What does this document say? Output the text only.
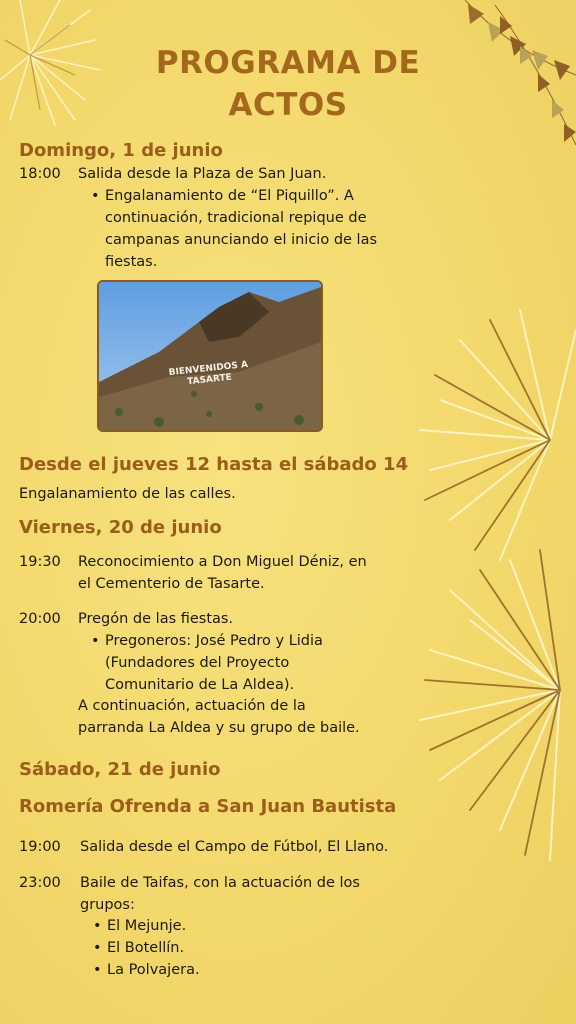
PROGRAMA DE
ACTOS
Domingo, 1 de junio
18:00 Salida desde la Plaza de San Juan.
• Engalanamiento de “El Piquillo”. A
continuación, tradicional repique de
campanas anunciando el inicio de las
fiestas.
BIENVENIDOS A TASARTE
Desde el jueves 12 hasta el sábado 14
Engalanamiento de las calles.
Viernes, 20 de junio
19:30 Reconocimiento a Don Miguel Déniz, en
el Cementerio de Tasarte.
20:00 Pregón de las fiestas.
• Pregoneros: José Pedro y Lidia
(Fundadores del Proyecto
Comunitario de La Aldea).
A continuación, actuación de la
parranda La Aldea y su grupo de baile.
Sábado, 21 de junio
Romería Ofrenda a San Juan Bautista
19:00 Salida desde el Campo de Fútbol, El Llano.
23:00 Baile de Taifas, con la actuación de los
grupos:
• El Mejunje.
• El Botellín.
• La Polvajera.
